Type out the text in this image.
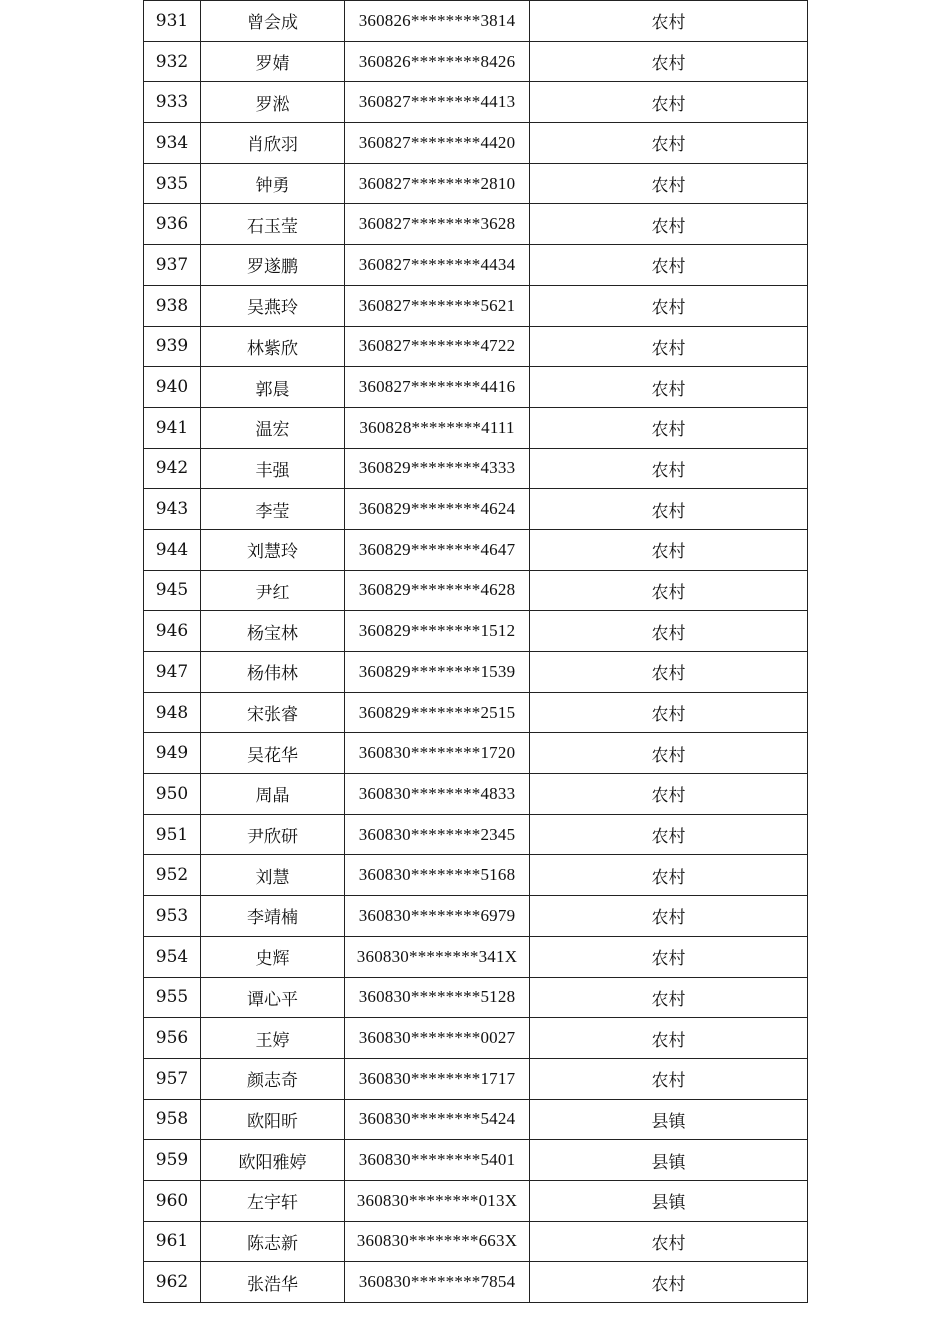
931	曾会成	360826********3814	农村
932	罗婧	360826********8426	农村
933	罗淞	360827********4413	农村
934	肖欣羽	360827********4420	农村
935	钟勇	360827********2810	农村
936	石玉莹	360827********3628	农村
937	罗遂鹏	360827********4434	农村
938	吴燕玲	360827********5621	农村
939	林紫欣	360827********4722	农村
940	郭晨	360827********4416	农村
941	温宏	360828********4111	农村
942	丰强	360829********4333	农村
943	李莹	360829********4624	农村
944	刘慧玲	360829********4647	农村
945	尹红	360829********4628	农村
946	杨宝林	360829********1512	农村
947	杨伟林	360829********1539	农村
948	宋张睿	360829********2515	农村
949	吴花华	360830********1720	农村
950	周晶	360830********4833	农村
951	尹欣研	360830********2345	农村
952	刘慧	360830********5168	农村
953	李靖楠	360830********6979	农村
954	史辉	360830********341X	农村
955	谭心平	360830********5128	农村
956	王婷	360830********0027	农村
957	颜志奇	360830********1717	农村
958	欧阳昕	360830********5424	县镇
959	欧阳雅婷	360830********5401	县镇
960	左宇轩	360830********013X	县镇
961	陈志新	360830********663X	农村
962	张浩华	360830********7854	农村
